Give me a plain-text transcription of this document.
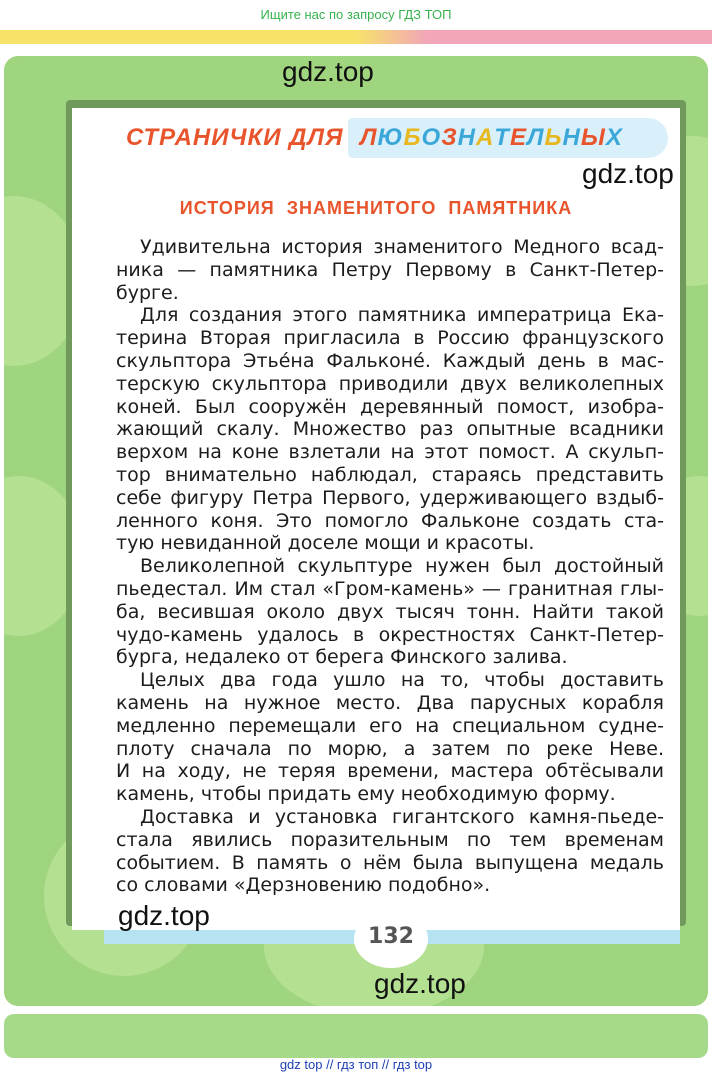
Ищите нас по запросу ГДЗ ТОП
СТРАНИЧКИ ДЛЯ ЛЮБОЗНАТЕЛЬНЫХ
ИСТОРИЯ ЗНАМЕНИТОГО ПАМЯТНИКА
Удивительна история знаменитого Медного всад-
ника — памятника Петру Первому в Санкт-Петер-
бурге.
Для создания этого памятника императрица Ека-
терина Вторая пригласила в Россию французского
скульптора Этье́на Фальконе́. Каждый день в мас-
терскую скульптора приводили двух великолепных
коней. Был сооружён деревянный помост, изобра-
жающий скалу. Множество раз опытные всадники
верхом на коне взлетали на этот помост. А скульп-
тор внимательно наблюдал, стараясь представить
себе фигуру Петра Первого, удерживающего вздыб-
ленного коня. Это помогло Фальконе создать ста-
тую невиданной доселе мощи и красоты.
Великолепной скульптуре нужен был достойный
пьедестал. Им стал «Гром-камень» — гранитная глы-
ба, весившая около двух тысяч тонн. Найти такой
чудо-камень удалось в окрестностях Санкт-Петер-
бурга, недалеко от берега Финского залива.
Целых два года ушло на то, чтобы доставить
камень на нужное место. Два парусных корабля
медленно перемещали его на специальном судне-
плоту сначала по морю, а затем по реке Неве.
И на ходу, не теряя времени, мастера обтёсывали
камень, чтобы придать ему необходимую форму.
Доставка и установка гигантского камня-пьеде-
стала явились поразительным по тем временам
событием. В память о нём была выпущена медаль
со словами «Дерзновению подобно».
132
gdz.top
gdz.top
gdz.top
gdz.top
gdz top // гдз топ // гдз top
